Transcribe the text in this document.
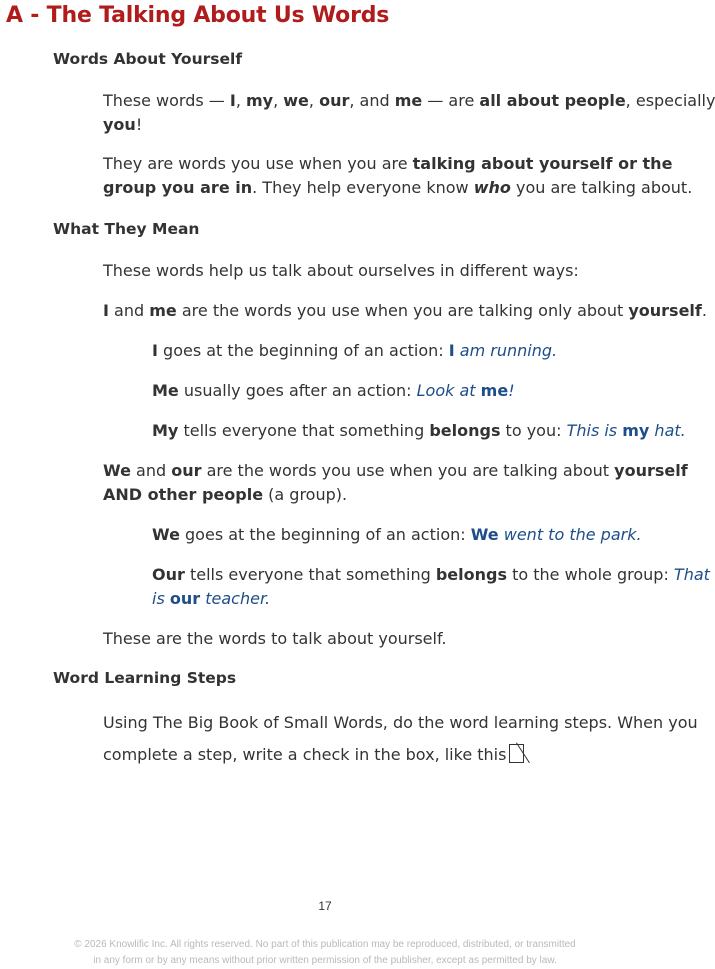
A - The Talking About Us Words
Words About Yourself
These words — I, my, we, our, and me — are all about people, especially
you!
They are words you use when you are talking about yourself or the
group you are in. They help everyone know who you are talking about.
What They Mean
These words help us talk about ourselves in different ways:
I and me are the words you use when you are talking only about yourself.
I goes at the beginning of an action: I am running.
Me usually goes after an action: Look at me!
My tells everyone that something belongs to you: This is my hat.
We and our are the words you use when you are talking about yourself
AND other people (a group).
We goes at the beginning of an action: We went to the park.
Our tells everyone that something belongs to the whole group: That
is our teacher.
These are the words to talk about yourself.
Word Learning Steps
Using The Big Book of Small Words, do the word learning steps. When you
complete a step, write a check in the box, like this
17
© 2026 Knowlific Inc. All rights reserved. No part of this publication may be reproduced, distributed, or transmitted
in any form or by any means without prior written permission of the publisher, except as permitted by law.
